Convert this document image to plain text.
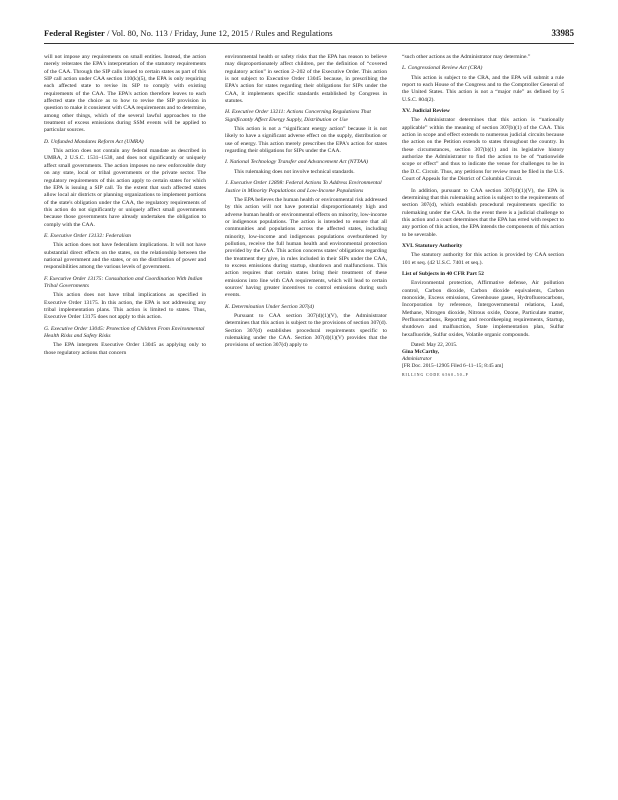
Federal Register / Vol. 80, No. 113 / Friday, June 12, 2015 / Rules and Regulations	33985

will not impose any requirements on small entities. Instead, the action merely reiterates the EPA's interpretation of the statutory requirements of the CAA. Through the SIP calls issued to certain states as part of this SIP call action under CAA section 110(k)(5), the EPA is only requiring each affected state to revise its SIP to comply with existing requirements of the CAA. The EPA's action therefore leaves to each affected state the choice as to how to revise the SIP provision in question to make it consistent with CAA requirements and to determine, among other things, which of the several lawful approaches to the treatment of excess emissions during SSM events will be applied to particular sources.

D. Unfunded Mandates Reform Act (UMRA)

This action does not contain any federal mandate as described in UMRA, 2 U.S.C. 1531–1538, and does not significantly or uniquely affect small governments. The action imposes no new enforceable duty on any state, local or tribal governments or the private sector. The regulatory requirements of this action apply to certain states for which the EPA is issuing a SIP call. To the extent that such affected states allow local air districts or planning organizations to implement portions of the state's obligation under the CAA, the regulatory requirements of this action do not significantly or uniquely affect small governments because those governments have already undertaken the obligation to comply with the CAA.

E. Executive Order 13132: Federalism

This action does not have federalism implications. It will not have substantial direct effects on the states, on the relationship between the national government and the states, or on the distribution of power and responsibilities among the various levels of government.

F. Executive Order 13175: Consultation and Coordination With Indian Tribal Governments

This action does not have tribal implications as specified in Executive Order 13175. In this action, the EPA is not addressing any tribal implementation plans. This action is limited to states. Thus, Executive Order 13175 does not apply to this action.

G. Executive Order 13045: Protection of Children From Environmental Health Risks and Safety Risks

The EPA interprets Executive Order 13045 as applying only to those regulatory actions that concern

environmental health or safety risks that the EPA has reason to believe may disproportionately affect children, per the definition of “covered regulatory action” in section 2–202 of the Executive Order. This action is not subject to Executive Order 13045 because, in prescribing the EPA's action for states regarding their obligations for SIPs under the CAA, it implements specific standards established by Congress in statutes.

H. Executive Order 13211: Actions Concerning Regulations That Significantly Affect Energy Supply, Distribution or Use

This action is not a “significant energy action” because it is not likely to have a significant adverse effect on the supply, distribution or use of energy. This action merely prescribes the EPA's action for states regarding their obligations for SIPs under the CAA.

I. National Technology Transfer and Advancement Act (NTTAA)

This rulemaking does not involve technical standards.

J. Executive Order 12898: Federal Actions To Address Environmental Justice in Minority Populations and Low-Income Populations

The EPA believes the human health or environmental risk addressed by this action will not have potential disproportionately high and adverse human health or environmental effects on minority, low-income or indigenous populations. The action is intended to ensure that all communities and populations across the affected states, including minority, low-income and indigenous populations overburdened by pollution, receive the full human health and environmental protection provided by the CAA. This action concerns states' obligations regarding the treatment they give, in rules included in their SIPs under the CAA, to excess emissions during startup, shutdown and malfunctions. This action requires that certain states bring their treatment of these emissions into line with CAA requirements, which will lead to certain sources' having greater incentives to control emissions during such events.

K. Determination Under Section 307(d)

Pursuant to CAA section 307(d)(1)(V), the Administrator determines that this action is subject to the provisions of section 307(d). Section 307(d) establishes procedural requirements specific to rulemaking under the CAA. Section 307(d)(1)(V) provides that the provisions of section 307(d) apply to

“such other actions as the Administrator may determine.”

L. Congressional Review Act (CRA)

This action is subject to the CRA, and the EPA will submit a rule report to each House of the Congress and to the Comptroller General of the United States. This action is not a “major rule” as defined by 5 U.S.C. 804(2).

XV. Judicial Review

The Administrator determines that this action is “nationally applicable” within the meaning of section 307(b)(1) of the CAA. This action in scope and effect extends to numerous judicial circuits because the action on the Petition extends to states throughout the country. In these circumstances, section 307(b)(1) and its legislative history authorize the Administrator to find the action to be of “nationwide scope or effect” and thus to indicate the venue for challenges to be in the D.C. Circuit. Thus, any petitions for review must be filed in the U.S. Court of Appeals for the District of Columbia Circuit.

In addition, pursuant to CAA section 307(d)(1)(V), the EPA is determining that this rulemaking action is subject to the requirements of section 307(d), which establish procedural requirements specific to rulemaking under the CAA. In the event there is a judicial challenge to this action and a court determines that the EPA has erred with respect to any portion of this action, the EPA intends the components of this action to be severable.

XVI. Statutory Authority

The statutory authority for this action is provided by CAA section 101 et seq. (42 U.S.C. 7401 et seq.).

List of Subjects in 40 CFR Part 52

Environmental protection, Affirmative defense, Air pollution control, Carbon dioxide, Carbon dioxide equivalents, Carbon monoxide, Excess emissions, Greenhouse gases, Hydrofluorocarbons, Incorporation by reference, Intergovernmental relations, Lead, Methane, Nitrogen dioxide, Nitrous oxide, Ozone, Particulate matter, Perfluorocarbons, Reporting and recordkeeping requirements, Startup, shutdown and malfunction, State implementation plan, Sulfur hexafluoride, Sulfur oxides, Volatile organic compounds.

Dated: May 22, 2015.

Gina McCarthy,

Administrator

[FR Doc. 2015–12905 Filed 6–11–15; 8:45 am]

BILLING CODE 6560–50–P
